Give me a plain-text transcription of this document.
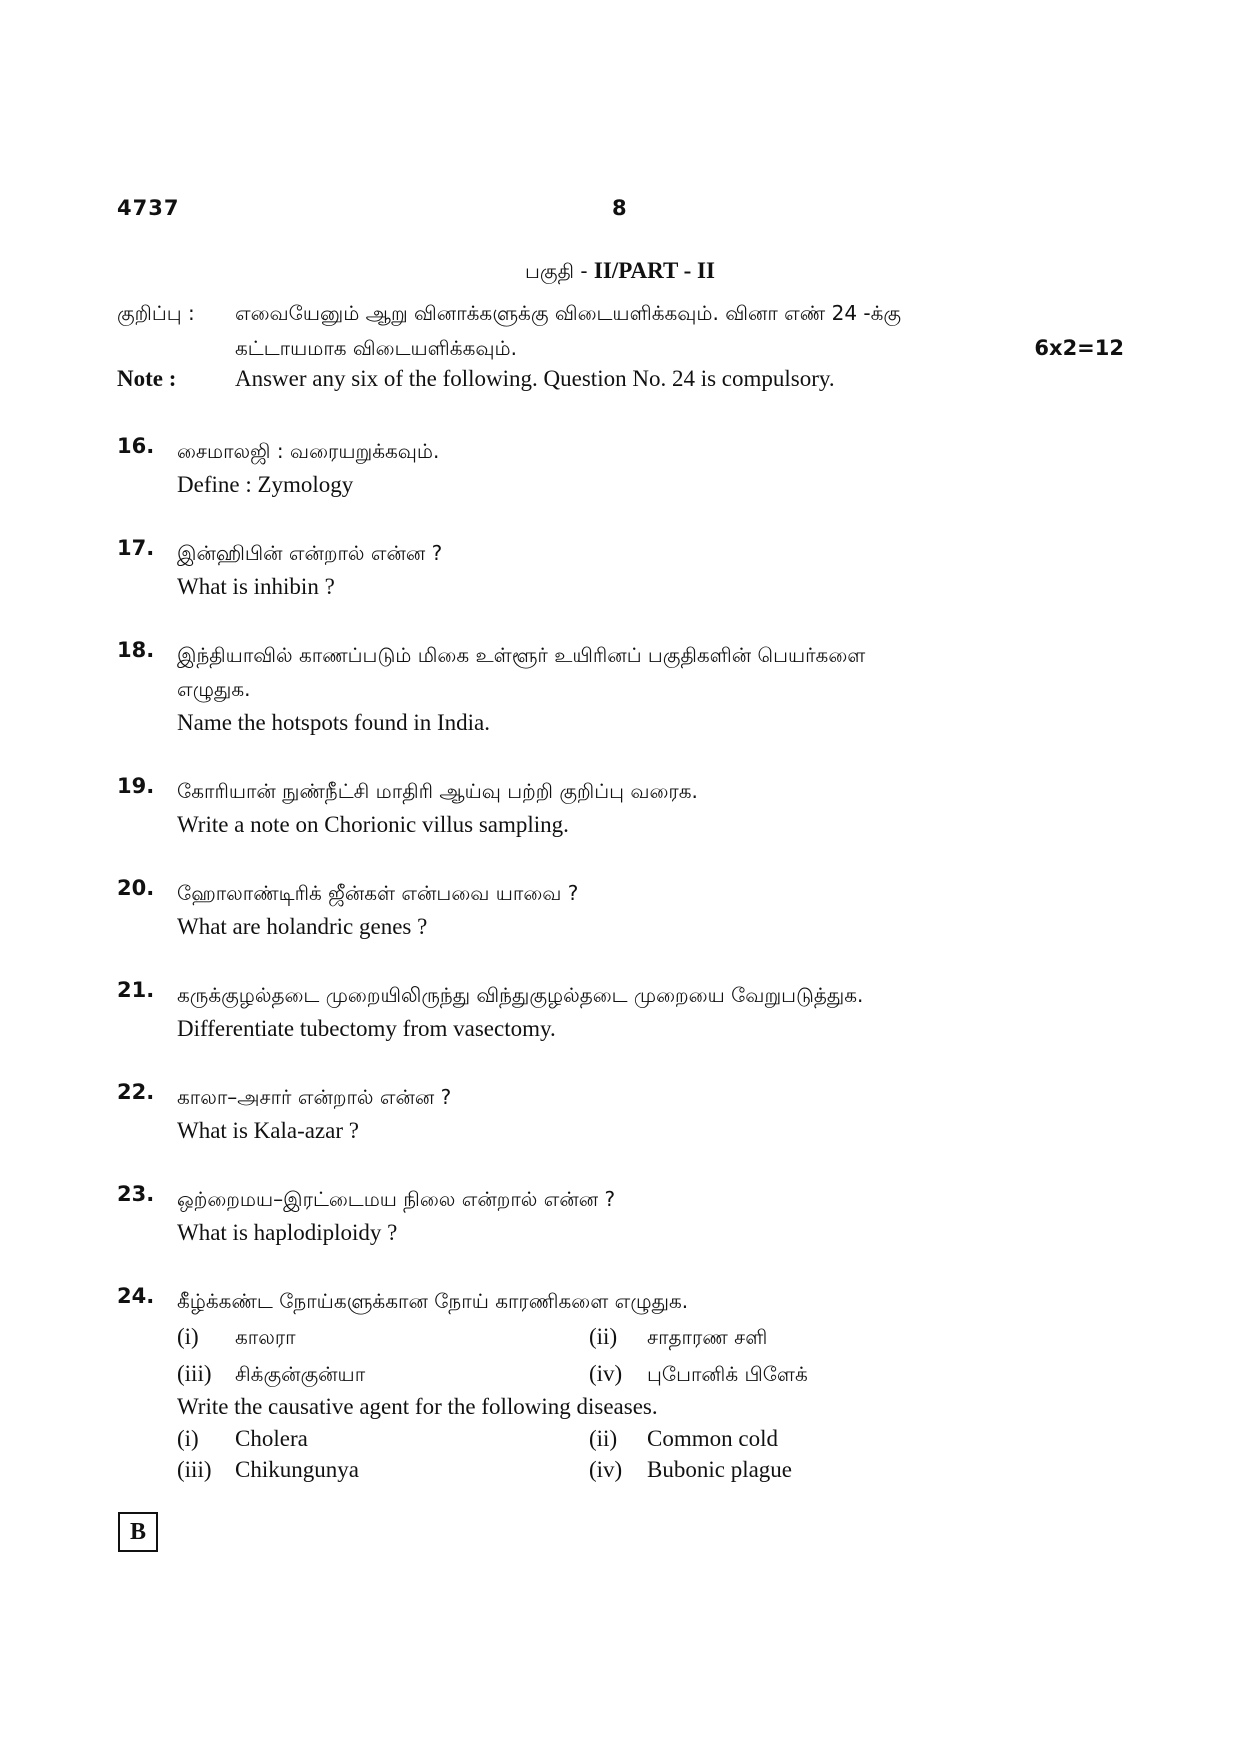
4737	8
பகுதி - II/PART - II
குறிப்பு : எவையேனும் ஆறு வினாக்களுக்கு விடையளிக்கவும். வினா எண் 24 -க்கு
கட்டாயமாக விடையளிக்கவும்.	6x2=12
Note :	Answer any six of the following. Question No. 24 is compulsory.
16. சைமாலஜி : வரையறுக்கவும்.
Define : Zymology
17. இன்ஹிபின் என்றால் என்ன ?
What is inhibin ?
18. இந்தியாவில் காணப்படும் மிகை உள்ளூர் உயிரினப் பகுதிகளின் பெயர்களை
எழுதுக.
Name the hotspots found in India.
19. கோரியான் நுண்நீட்சி மாதிரி ஆய்வு பற்றி குறிப்பு வரைக.
Write a note on Chorionic villus sampling.
20. ஹோலாண்டிரிக் ஜீன்கள் என்பவை யாவை ?
What are holandric genes ?
21. கருக்குழல்தடை முறையிலிருந்து விந்துகுழல்தடை முறையை வேறுபடுத்துக.
Differentiate tubectomy from vasectomy.
22. காலா–அசார் என்றால் என்ன ?
What is Kala-azar ?
23. ஒற்றைமய–இரட்டைமய நிலை என்றால் என்ன ?
What is haplodiploidy ?
24. கீழ்க்கண்ட நோய்களுக்கான நோய் காரணிகளை எழுதுக.
(i) காலரா	(ii) சாதாரண சளி
(iii) சிக்குன்குன்யா	(iv) புபோனிக் பிளேக்
Write the causative agent for the following diseases.
(i) Cholera	(ii) Common cold
(iii) Chikungunya	(iv) Bubonic plague
B
